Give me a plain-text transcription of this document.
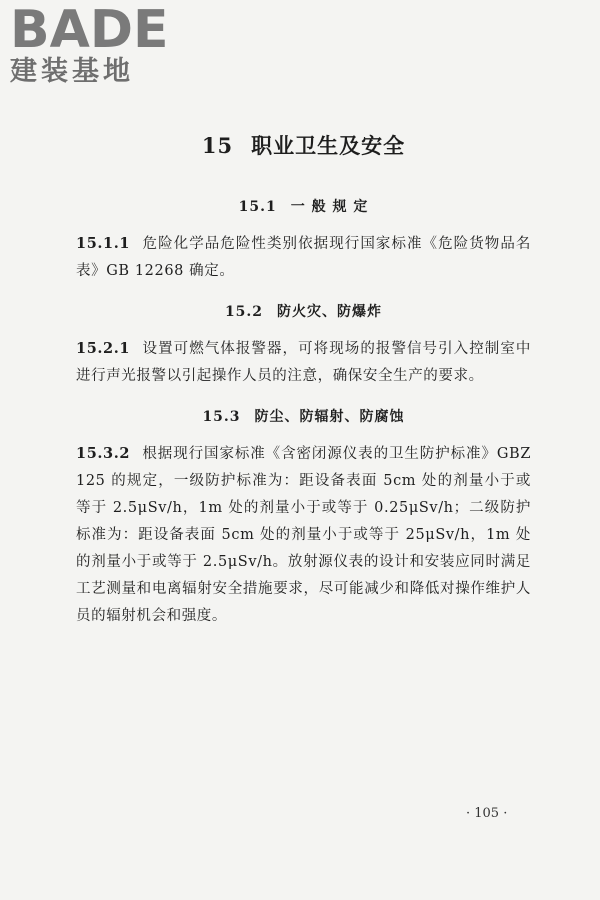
BADE
建装基地
15 职业卫生及安全
15.1 一 般 规 定

15.1.1 危险化学品危险性类别依据现行国家标准《危险货物品名表》GB 12268 确定。

15.2 防火灾、防爆炸

15.2.1 设置可燃气体报警器，可将现场的报警信号引入控制室中进行声光报警以引起操作人员的注意，确保安全生产的要求。

15.3 防尘、防辐射、防腐蚀

15.3.2 根据现行国家标准《含密闭源仪表的卫生防护标准》GBZ 125 的规定，一级防护标准为：距设备表面 5cm 处的剂量小于或等于 2.5μSv/h，1m 处的剂量小于或等于 0.25μSv/h；二级防护标准为：距设备表面 5cm 处的剂量小于或等于 25μSv/h，1m 处的剂量小于或等于 2.5μSv/h。放射源仪表的设计和安装应同时满足工艺测量和电离辐射安全措施要求，尽可能减少和降低对操作维护人员的辐射机会和强度。

· 105 ·
